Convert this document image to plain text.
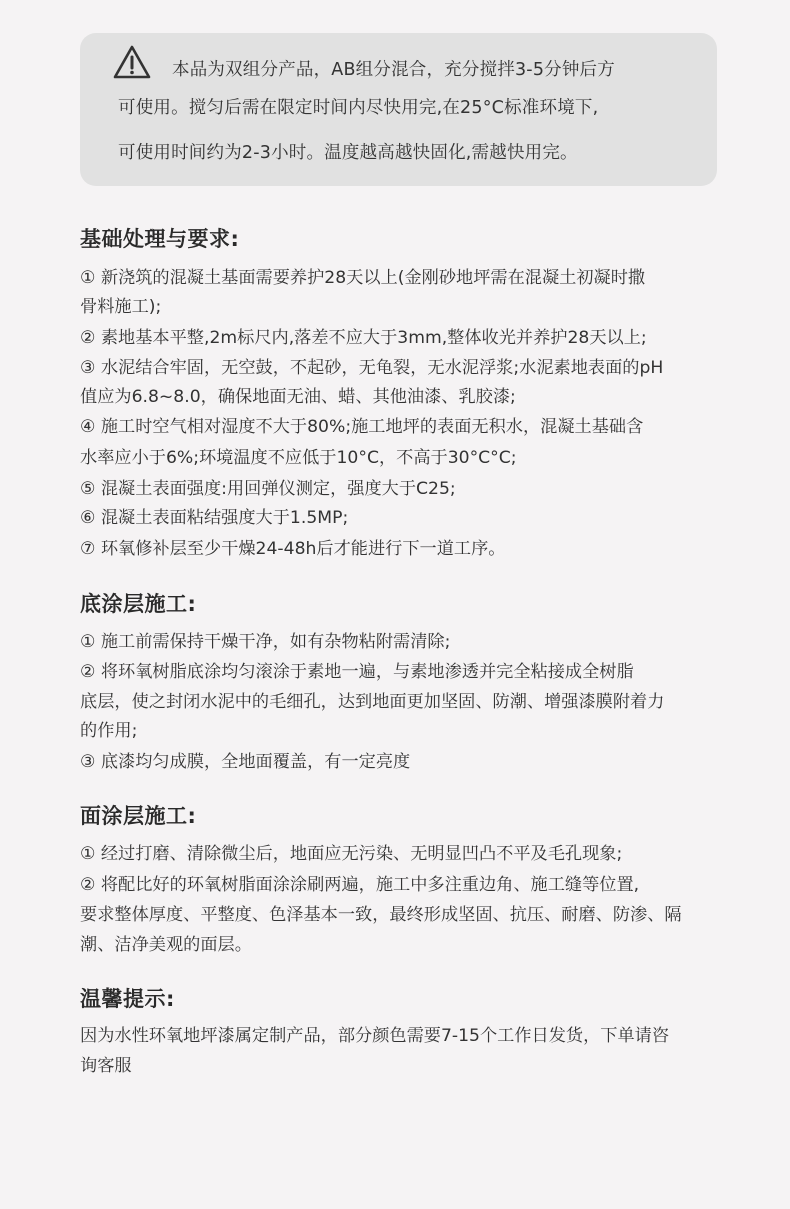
本品为双组分产品，AB组分混合，充分搅拌3-5分钟后方
可使用。搅匀后需在限定时间内尽快用完,在25°C标准环境下,
可使用时间约为2-3小时。温度越高越快固化,需越快用完。
基础处理与要求:
① 新浇筑的混凝土基面需要养护28天以上(金刚砂地坪需在混凝土初凝时撒
骨料施工);
② 素地基本平整,2m标尺内,落差不应大于3mm,整体收光并养护28天以上;
③ 水泥结合牢固，无空鼓，不起砂，无龟裂，无水泥浮浆;水泥素地表面的pH
值应为6.8~8.0，确保地面无油、蜡、其他油漆、乳胶漆;
④ 施工时空气相对湿度不大于80%;施工地坪的表面无积水，混凝土基础含
水率应小于6%;环境温度不应低于10°C，不高于30°C°C;
⑤ 混凝土表面强度:用回弹仪测定，强度大于C25;
⑥ 混凝土表面粘结强度大于1.5MP;
⑦ 环氧修补层至少干燥24-48h后才能进行下一道工序。
底涂层施工:
① 施工前需保持干燥干净，如有杂物粘附需清除;
② 将环氧树脂底涂均匀滚涂于素地一遍，与素地渗透并完全粘接成全树脂
底层，使之封闭水泥中的毛细孔，达到地面更加坚固、防潮、增强漆膜附着力
的作用;
③ 底漆均匀成膜，全地面覆盖，有一定亮度
面涂层施工:
① 经过打磨、清除微尘后，地面应无污染、无明显凹凸不平及毛孔现象;
② 将配比好的环氧树脂面涂涂刷两遍，施工中多注重边角、施工缝等位置,
要求整体厚度、平整度、色泽基本一致，最终形成坚固、抗压、耐磨、防渗、隔
潮、洁净美观的面层。
温馨提示:
因为水性环氧地坪漆属定制产品，部分颜色需要7-15个工作日发货，下单请咨
询客服
